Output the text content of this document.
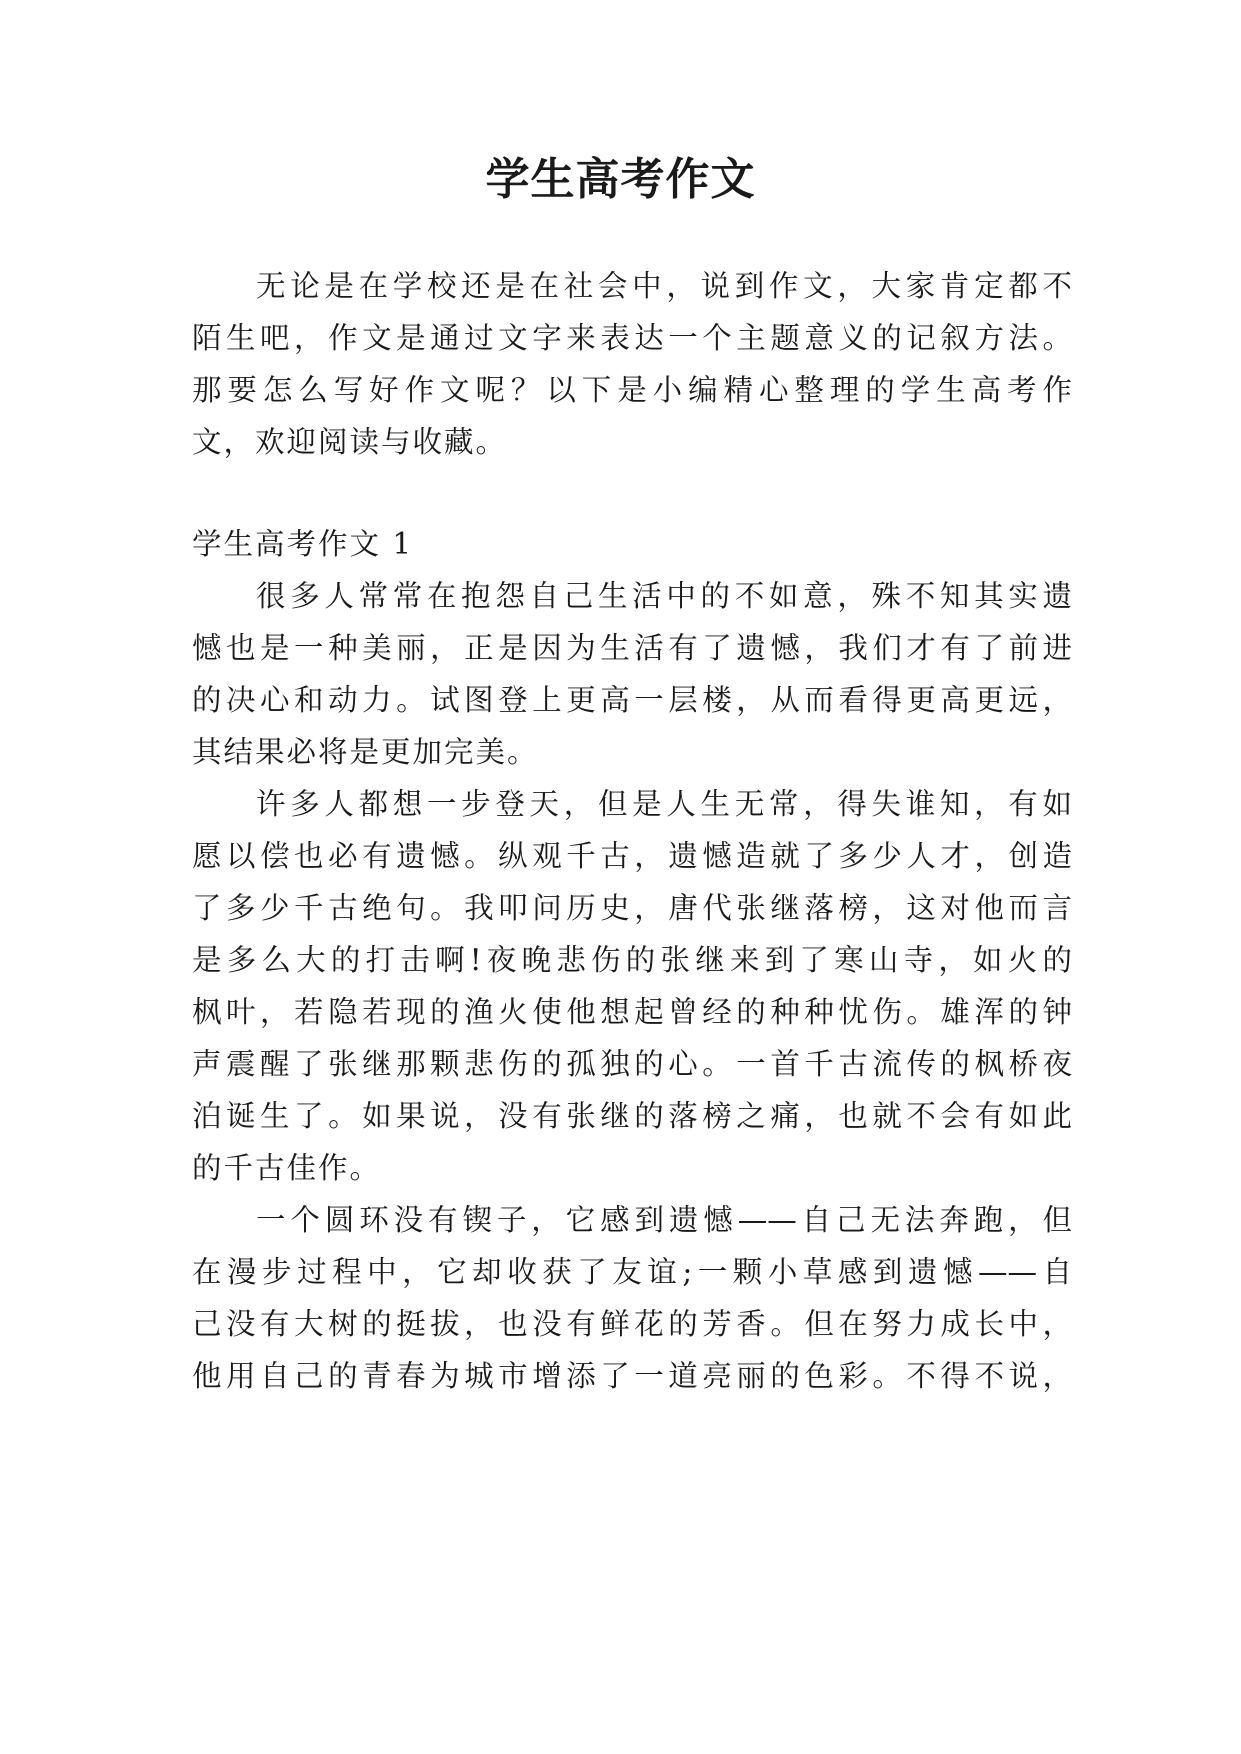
学生高考作文

无论是在学校还是在社会中，说到作文，大家肯定都不

陌生吧，作文是通过文字来表达一个主题意义的记叙方法。

那要怎么写好作文呢？以下是小编精心整理的学生高考作

文，欢迎阅读与收藏。

学生高考作文 1

很多人常常在抱怨自己生活中的不如意，殊不知其实遗

憾也是一种美丽，正是因为生活有了遗憾，我们才有了前进

的决心和动力。试图登上更高一层楼，从而看得更高更远，

其结果必将是更加完美。

许多人都想一步登天，但是人生无常，得失谁知，有如

愿以偿也必有遗憾。纵观千古，遗憾造就了多少人才，创造

了多少千古绝句。我叩问历史，唐代张继落榜，这对他而言

是多么大的打击啊!夜晚悲伤的张继来到了寒山寺，如火的

枫叶，若隐若现的渔火使他想起曾经的种种忧伤。雄浑的钟

声震醒了张继那颗悲伤的孤独的心。一首千古流传的枫桥夜

泊诞生了。如果说，没有张继的落榜之痛，也就不会有如此

的千古佳作。

一个圆环没有锲子，它感到遗憾——自己无法奔跑，但

在漫步过程中，它却收获了友谊;一颗小草感到遗憾——自

己没有大树的挺拔，也没有鲜花的芳香。但在努力成长中，

他用自己的青春为城市增添了一道亮丽的色彩。不得不说，
